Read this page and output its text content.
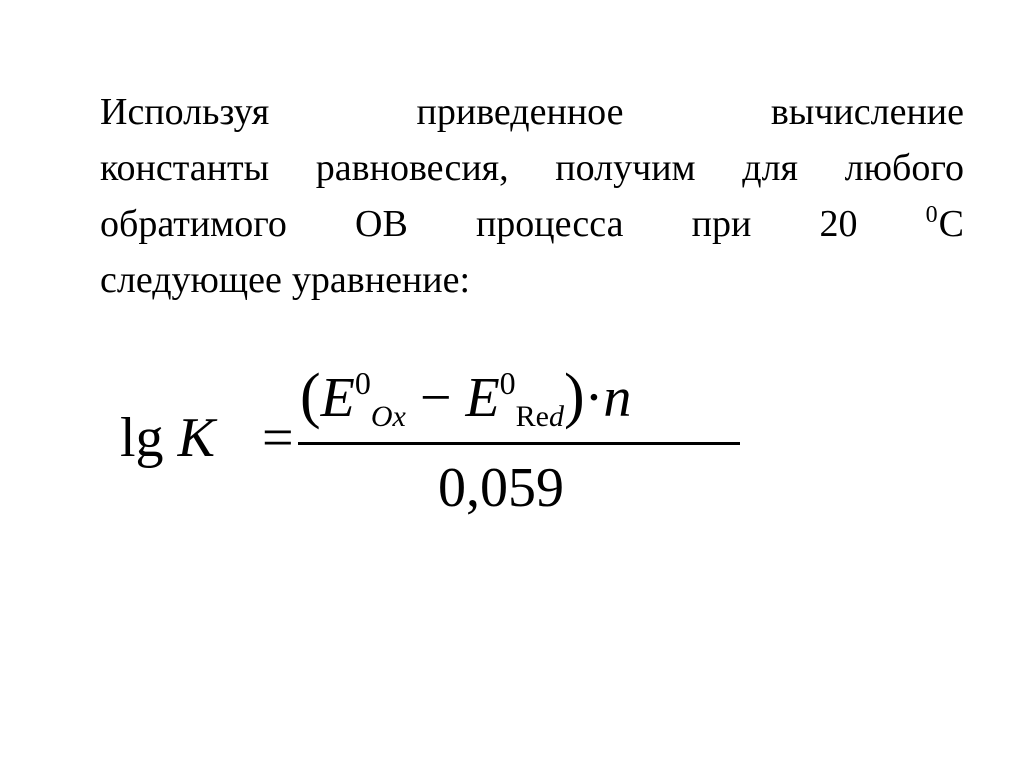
Используя	приведенное	вычисление
константы равновесия, получим для любого
обратимого ОВ процесса при 20	$^0$С
следующее уравнение:
lg K =
$(E^0Ox - E^0Red)\cdot n$
0,059
